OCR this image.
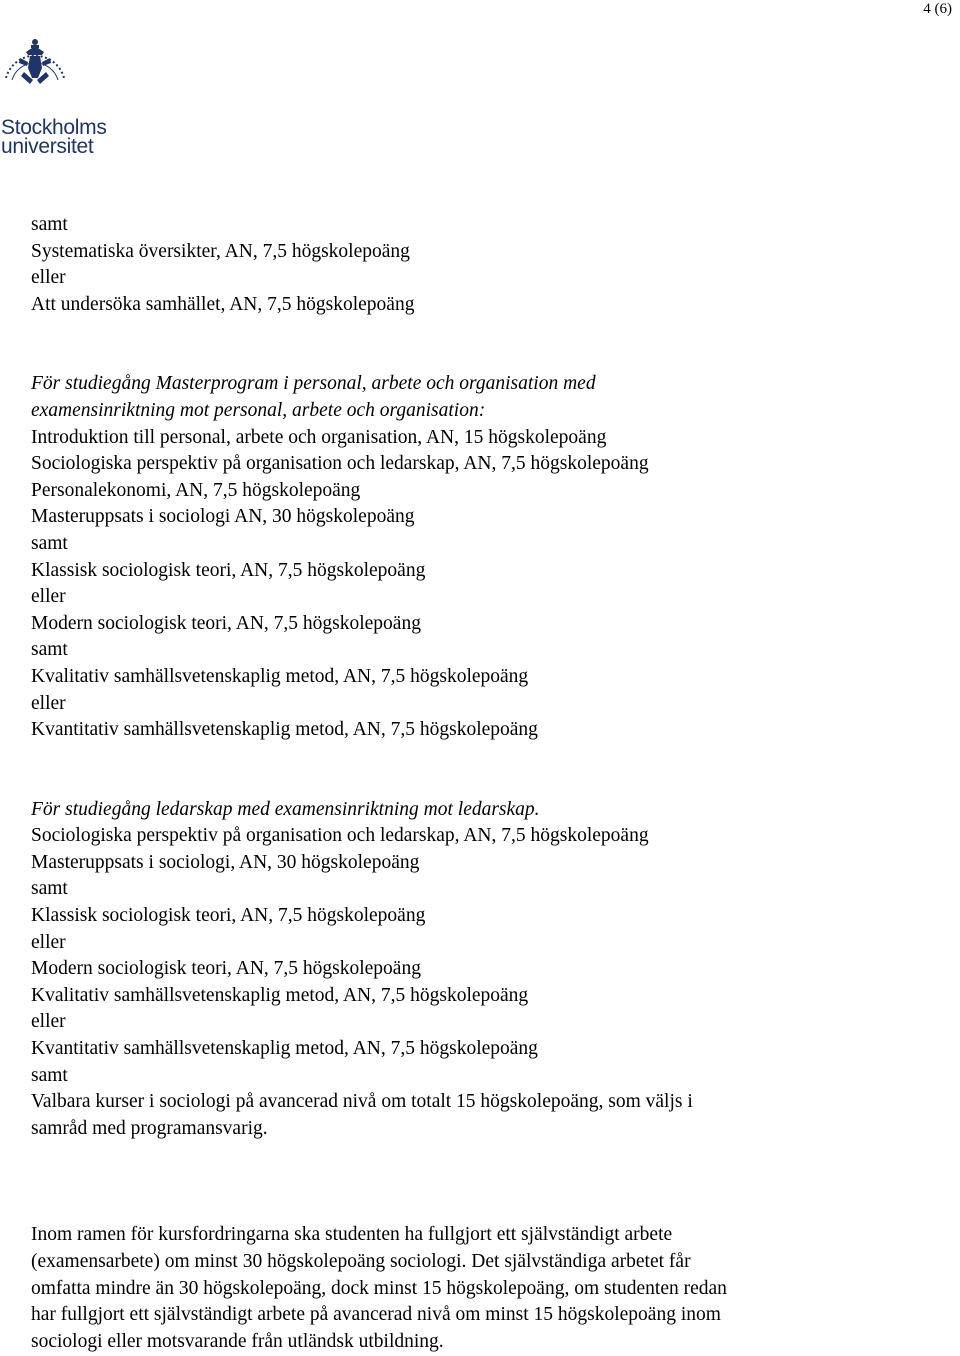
4 (6)
Stockholms
universitet
samt
Systematiska översikter, AN, 7,5 högskolepoäng
eller
Att undersöka samhället, AN, 7,5 högskolepoäng
För studiegång Masterprogram i personal, arbete och organisation med
examensinriktning mot personal, arbete och organisation:
Introduktion till personal, arbete och organisation, AN, 15 högskolepoäng
Sociologiska perspektiv på organisation och ledarskap, AN, 7,5 högskolepoäng
Personalekonomi, AN, 7,5 högskolepoäng
Masteruppsats i sociologi AN, 30 högskolepoäng
samt
Klassisk sociologisk teori, AN, 7,5 högskolepoäng
eller
Modern sociologisk teori, AN, 7,5 högskolepoäng
samt
Kvalitativ samhällsvetenskaplig metod, AN, 7,5 högskolepoäng
eller
Kvantitativ samhällsvetenskaplig metod, AN, 7,5 högskolepoäng
För studiegång ledarskap med examensinriktning mot ledarskap.
Sociologiska perspektiv på organisation och ledarskap, AN, 7,5 högskolepoäng
Masteruppsats i sociologi, AN, 30 högskolepoäng
samt
Klassisk sociologisk teori, AN, 7,5 högskolepoäng
eller
Modern sociologisk teori, AN, 7,5 högskolepoäng
Kvalitativ samhällsvetenskaplig metod, AN, 7,5 högskolepoäng
eller
Kvantitativ samhällsvetenskaplig metod, AN, 7,5 högskolepoäng
samt
Valbara kurser i sociologi på avancerad nivå om totalt 15 högskolepoäng, som väljs i
samråd med programansvarig.
Inom ramen för kursfordringarna ska studenten ha fullgjort ett självständigt arbete
(examensarbete) om minst 30 högskolepoäng sociologi. Det självständiga arbetet får
omfatta mindre än 30 högskolepoäng, dock minst 15 högskolepoäng, om studenten redan
har fullgjort ett självständigt arbete på avancerad nivå om minst 15 högskolepoäng inom
sociologi eller motsvarande från utländsk utbildning.
